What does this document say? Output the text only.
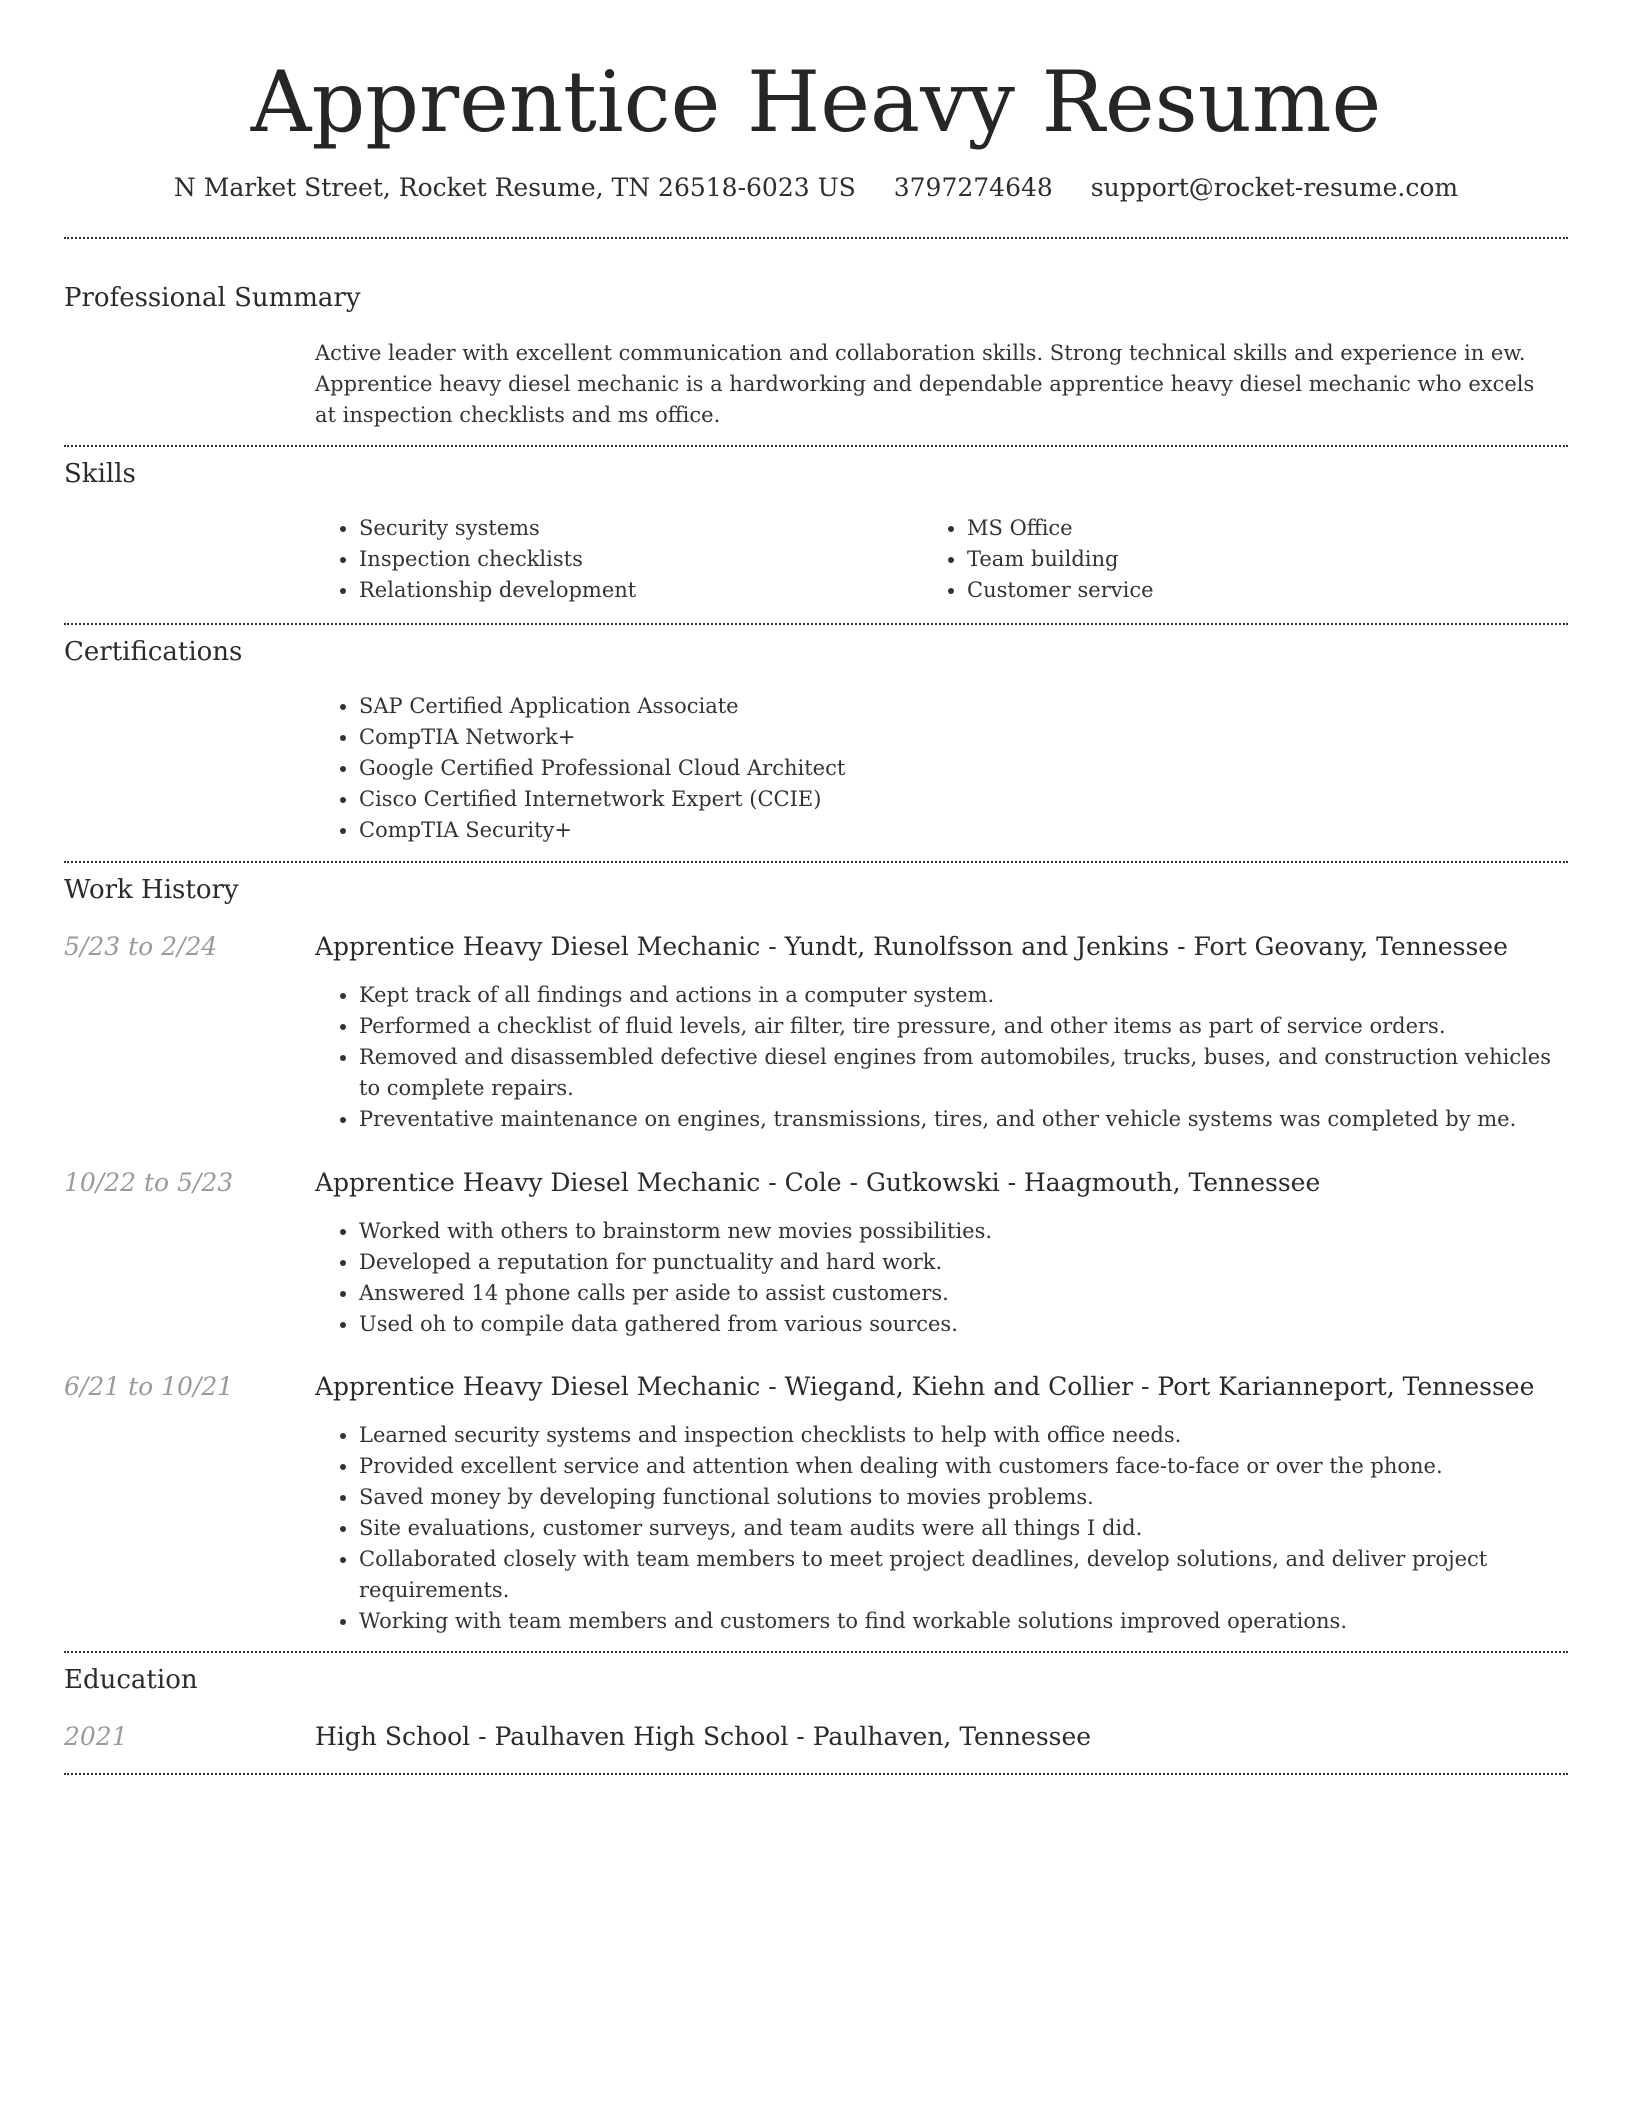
Apprentice Heavy Resume
N Market Street, Rocket Resume, TN 26518-6023 US 3797274648 support@rocket-resume.com
Professional Summary
Active leader with excellent communication and collaboration skills. Strong technical skills and experience in ew. Apprentice heavy diesel mechanic is a hardworking and dependable apprentice heavy diesel mechanic who excels at inspection checklists and ms office.
Skills
• Security systems
• Inspection checklists
• Relationship development
• MS Office
• Team building
• Customer service
Certifications
• SAP Certified Application Associate
• CompTIA Network+
• Google Certified Professional Cloud Architect
• Cisco Certified Internetwork Expert (CCIE)
• CompTIA Security+
Work History
5/23 to 2/24	Apprentice Heavy Diesel Mechanic - Yundt, Runolfsson and Jenkins - Fort Geovany, Tennessee
• Kept track of all findings and actions in a computer system.
• Performed a checklist of fluid levels, air filter, tire pressure, and other items as part of service orders.
• Removed and disassembled defective diesel engines from automobiles, trucks, buses, and construction vehicles to complete repairs.
• Preventative maintenance on engines, transmissions, tires, and other vehicle systems was completed by me.
10/22 to 5/23	Apprentice Heavy Diesel Mechanic - Cole - Gutkowski - Haagmouth, Tennessee
• Worked with others to brainstorm new movies possibilities.
• Developed a reputation for punctuality and hard work.
• Answered 14 phone calls per aside to assist customers.
• Used oh to compile data gathered from various sources.
6/21 to 10/21	Apprentice Heavy Diesel Mechanic - Wiegand, Kiehn and Collier - Port Karianneport, Tennessee
• Learned security systems and inspection checklists to help with office needs.
• Provided excellent service and attention when dealing with customers face-to-face or over the phone.
• Saved money by developing functional solutions to movies problems.
• Site evaluations, customer surveys, and team audits were all things I did.
• Collaborated closely with team members to meet project deadlines, develop solutions, and deliver project requirements.
• Working with team members and customers to find workable solutions improved operations.
Education
2021	High School - Paulhaven High School - Paulhaven, Tennessee
